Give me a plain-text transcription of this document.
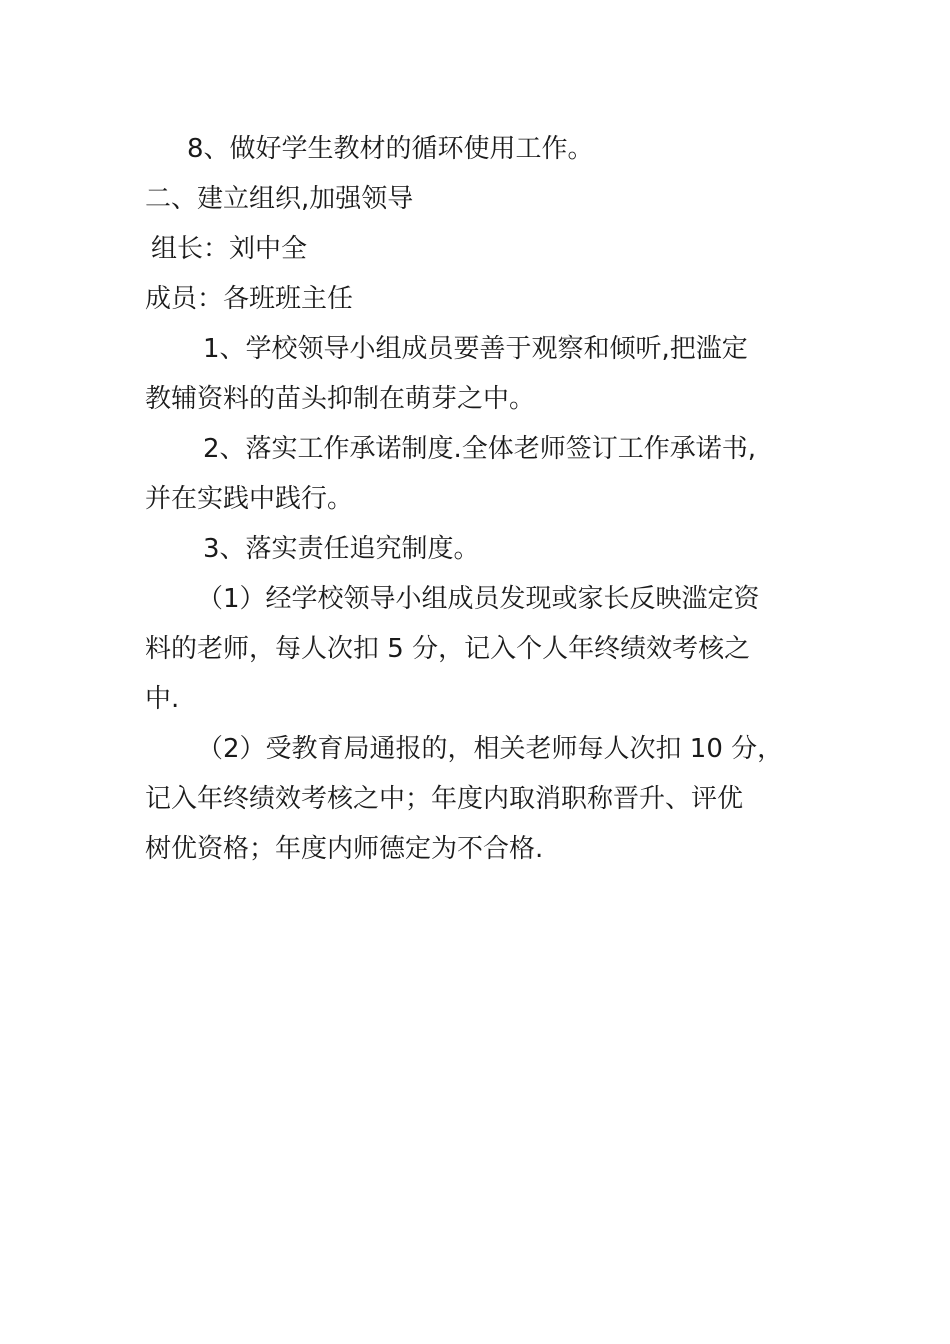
8、做好学生教材的循环使用工作。
二、建立组织,加强领导
组长：刘中全
成员：各班班主任
1、学校领导小组成员要善于观察和倾听,把滥定
教辅资料的苗头抑制在萌芽之中。
2、落实工作承诺制度.全体老师签订工作承诺书,
并在实践中践行。
3、落实责任追究制度。
（1）经学校领导小组成员发现或家长反映滥定资
料的老师，每人次扣 5 分，记入个人年终绩效考核之
中.
（2）受教育局通报的，相关老师每人次扣 10 分，
记入年终绩效考核之中；年度内取消职称晋升、评优
树优资格；年度内师德定为不合格.
